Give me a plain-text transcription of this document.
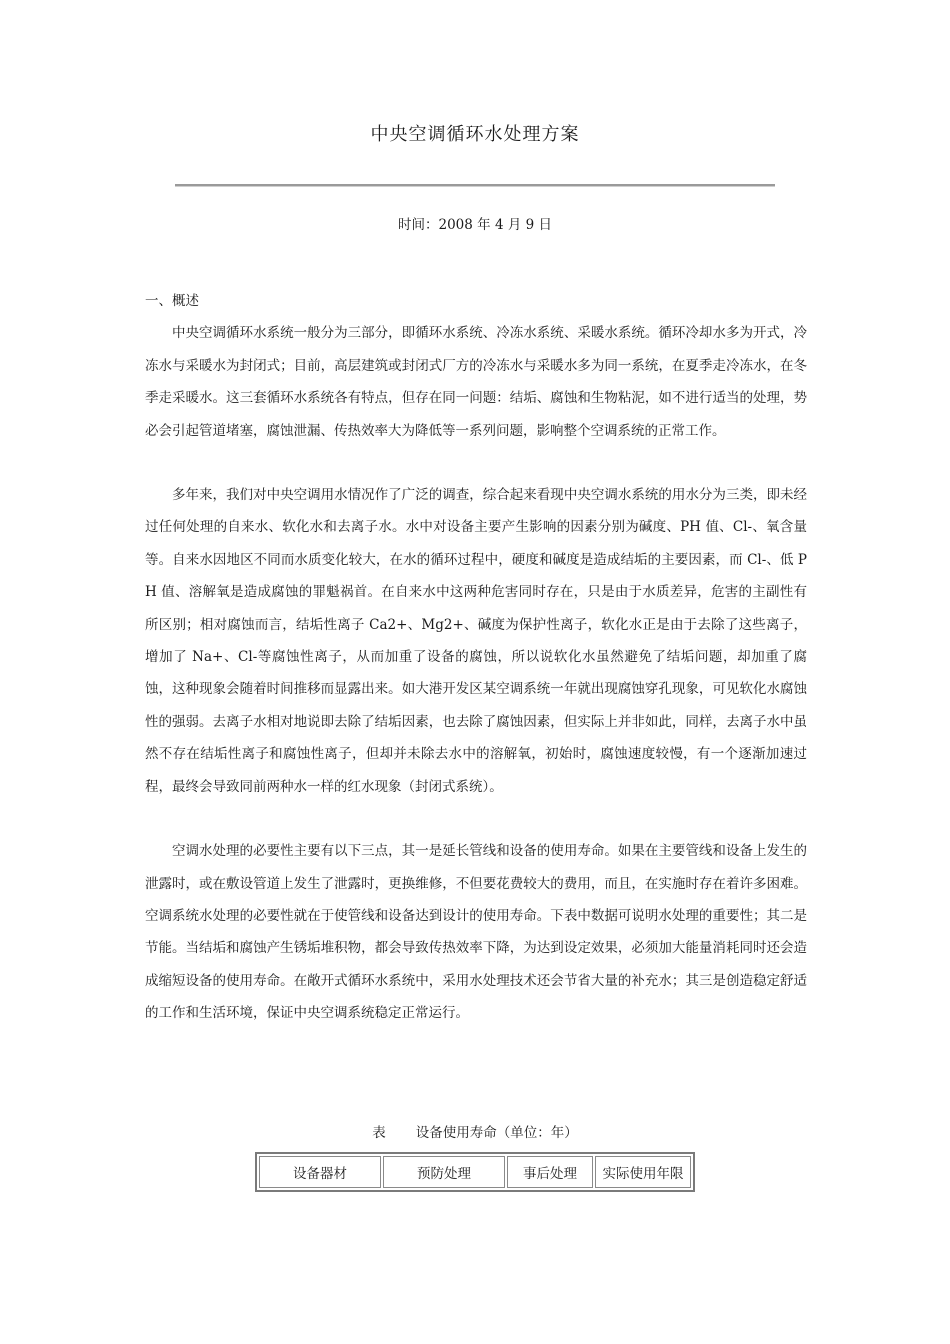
中央空调循环水处理方案
时间：2008 年 4 月 9 日

一、概述

中央空调循环水系统一般分为三部分，即循环水系统、冷冻水系统、采暖水系统。循环冷却水多为开式，冷冻水与采暖水为封闭式；目前，高层建筑或封闭式厂方的冷冻水与采暖水多为同一系统，在夏季走冷冻水，在冬季走采暖水。这三套循环水系统各有特点，但存在同一问题：结垢、腐蚀和生物粘泥，如不进行适当的处理，势必会引起管道堵塞，腐蚀泄漏、传热效率大为降低等一系列问题，影响整个空调系统的正常工作。

多年来，我们对中央空调用水情况作了广泛的调查，综合起来看现中央空调水系统的用水分为三类，即未经过任何处理的自来水、软化水和去离子水。水中对设备主要产生影响的因素分别为碱度、PH 值、Cl-、氧含量等。自来水因地区不同而水质变化较大，在水的循环过程中，硬度和碱度是造成结垢的主要因素，而 Cl-、低 PH 值、溶解氧是造成腐蚀的罪魁祸首。在自来水中这两种危害同时存在，只是由于水质差异，危害的主副性有所区别；相对腐蚀而言，结垢性离子 Ca2+、Mg2+、碱度为保护性离子，软化水正是由于去除了这些离子，增加了 Na+、Cl-等腐蚀性离子，从而加重了设备的腐蚀，所以说软化水虽然避免了结垢问题，却加重了腐蚀，这种现象会随着时间推移而显露出来。如大港开发区某空调系统一年就出现腐蚀穿孔现象，可见软化水腐蚀性的强弱。去离子水相对地说即去除了结垢因素，也去除了腐蚀因素，但实际上并非如此，同样，去离子水中虽然不存在结垢性离子和腐蚀性离子，但却并未除去水中的溶解氧，初始时，腐蚀速度较慢，有一个逐渐加速过程，最终会导致同前两种水一样的红水现象（封闭式系统）。

空调水处理的必要性主要有以下三点，其一是延长管线和设备的使用寿命。如果在主要管线和设备上发生的泄露时，或在敷设管道上发生了泄露时，更换维修，不但要花费较大的费用，而且，在实施时存在着许多困难。空调系统水处理的必要性就在于使管线和设备达到设计的使用寿命。下表中数据可说明水处理的重要性；其二是节能。当结垢和腐蚀产生锈垢堆积物，都会导致传热效率下降，为达到设定效果，必须加大能量消耗同时还会造成缩短设备的使用寿命。在敞开式循环水系统中，采用水处理技术还会节省大量的补充水；其三是创造稳定舒适的工作和生活环境，保证中央空调系统稳定正常运行。

表 设备使用寿命（单位：年）
设备器材	预防处理	事后处理	实际使用年限
